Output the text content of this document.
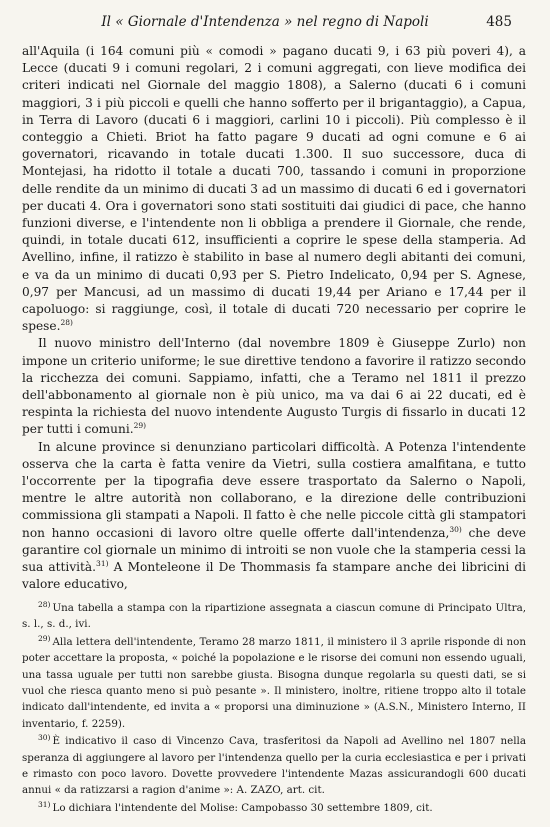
Il « Giornale d'Intendenza » nel regno di Napoli	485

all'Aquila (i 164 comuni più « comodi » pagano ducati 9, i 63 più poveri 4), a Lecce (ducati 9 i comuni regolari, 2 i comuni aggregati, con lieve modifica dei criteri indicati nel Giornale del maggio 1808), a Salerno (ducati 6 i comuni maggiori, 3 i più piccoli e quelli che hanno sofferto per il brigantaggio), a Capua, in Terra di Lavoro (ducati 6 i maggiori, carlini 10 i piccoli). Più complesso è il conteggio a Chieti. Briot ha fatto pagare 9 ducati ad ogni comune e 6 ai governatori, ricavando in totale ducati 1.300. Il suo successore, duca di Montejasi, ha ridotto il totale a ducati 700, tassando i comuni in proporzione delle rendite da un minimo di ducati 3 ad un massimo di ducati 6 ed i governatori per ducati 4. Ora i governatori sono stati sostituiti dai giudici di pace, che hanno funzioni diverse, e l'intendente non li obbliga a prendere il Giornale, che rende, quindi, in totale ducati 612, insufficienti a coprire le spese della stamperia. Ad Avellino, infine, il ratizzo è stabilito in base al numero degli abitanti dei comuni, e va da un minimo di ducati 0,93 per S. Pietro Indelicato, 0,94 per S. Agnese, 0,97 per Mancusi, ad un massimo di ducati 19,44 per Ariano e 17,44 per il capoluogo: si raggiunge, così, il totale di ducati 720 necessario per coprire le spese.$^{28)}$

Il nuovo ministro dell'Interno (dal novembre 1809 è Giuseppe Zurlo) non impone un criterio uniforme; le sue direttive tendono a favorire il ratizzo secondo la ricchezza dei comuni. Sappiamo, infatti, che a Teramo nel 1811 il prezzo dell'abbonamento al giornale non è più unico, ma va dai 6 ai 22 ducati, ed è respinta la richiesta del nuovo intendente Augusto Turgis di fissarlo in ducati 12 per tutti i comuni.$^{29)}$

In alcune province si denunziano particolari difficoltà. A Potenza l'intendente osserva che la carta è fatta venire da Vietri, sulla costiera amalfitana, e tutto l'occorrente per la tipografia deve essere trasportato da Salerno o Napoli, mentre le altre autorità non collaborano, e la direzione delle contribuzioni commissiona gli stampati a Napoli. Il fatto è che nelle piccole città gli stampatori non hanno occasioni di lavoro oltre quelle offerte dall'intendenza,$^{30)}$ che deve garantire col giornale un minimo di introiti se non vuole che la stamperia cessi la sua attività.$^{31)}$ A Monteleone il De Thommasis fa stampare anche dei libricini di valore educativo,

$^{28)}$ Una tabella a stampa con la ripartizione assegnata a ciascun comune di Principato Ultra, s. l., s. d., ivi.

$^{29)}$ Alla lettera dell'intendente, Teramo 28 marzo 1811, il ministero il 3 aprile risponde di non poter accettare la proposta, « poiché la popolazione e le risorse dei comuni non essendo uguali, una tassa uguale per tutti non sarebbe giusta. Bisogna dunque regolarla su questi dati, se si vuol che riesca quanto meno si può pesante ». Il ministero, inoltre, ritiene troppo alto il totale indicato dall'intendente, ed invita a « proporsi una diminuzione » (A.S.N., Ministero Interno, II inventario, f. 2259).

$^{30)}$ È indicativo il caso di Vincenzo Cava, trasferitosi da Napoli ad Avellino nel 1807 nella speranza di aggiungere al lavoro per l'intendenza quello per la curia ecclesiastica e per i privati e rimasto con poco lavoro. Dovette provvedere l'intendente Mazas assicurandogli 600 ducati annui « da ratizzarsi a ragion d'anime »: A. ZAZO, art. cit.

$^{31)}$ Lo dichiara l'intendente del Molise: Campobasso 30 settembre 1809, cit.
